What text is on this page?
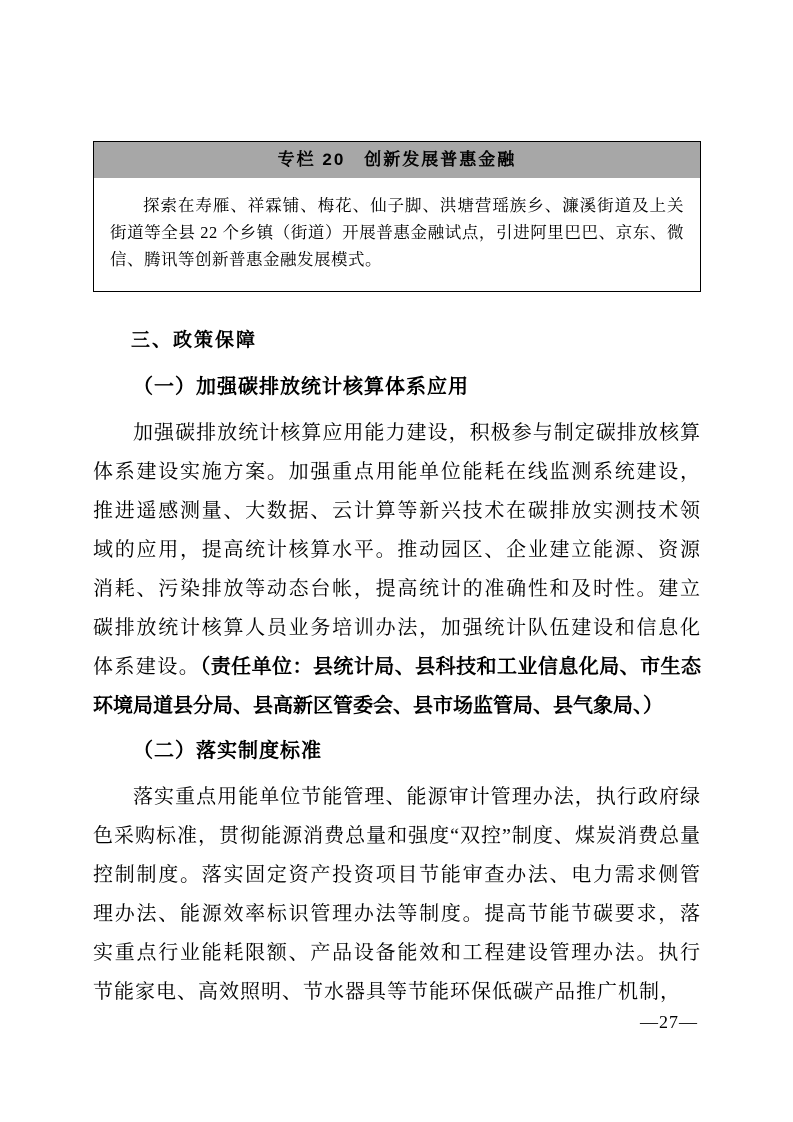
专栏 20　创新发展普惠金融
探索在寿雁、祥霖铺、梅花、仙子脚、洪塘营瑶族乡、濂溪街道及上关街道等全县 22 个乡镇（街道）开展普惠金融试点，引进阿里巴巴、京东、微信、腾讯等创新普惠金融发展模式。
三、政策保障
（一）加强碳排放统计核算体系应用

加强碳排放统计核算应用能力建设，积极参与制定碳排放核算体系建设实施方案。加强重点用能单位能耗在线监测系统建设，推进遥感测量、大数据、云计算等新兴技术在碳排放实测技术领域的应用，提高统计核算水平。推动园区、企业建立能源、资源消耗、污染排放等动态台帐，提高统计的准确性和及时性。建立碳排放统计核算人员业务培训办法，加强统计队伍建设和信息化体系建设。（责任单位：县统计局、县科技和工业信息化局、市生态环境局道县分局、县高新区管委会、县市场监管局、县气象局、）

（二）落实制度标准

落实重点用能单位节能管理、能源审计管理办法，执行政府绿色采购标准，贯彻能源消费总量和强度“双控”制度、煤炭消费总量控制制度。落实固定资产投资项目节能审查办法、电力需求侧管理办法、能源效率标识管理办法等制度。提高节能节碳要求，落实重点行业能耗限额、产品设备能效和工程建设管理办法。执行节能家电、高效照明、节水器具等节能环保低碳产品推广机制，

—27—
